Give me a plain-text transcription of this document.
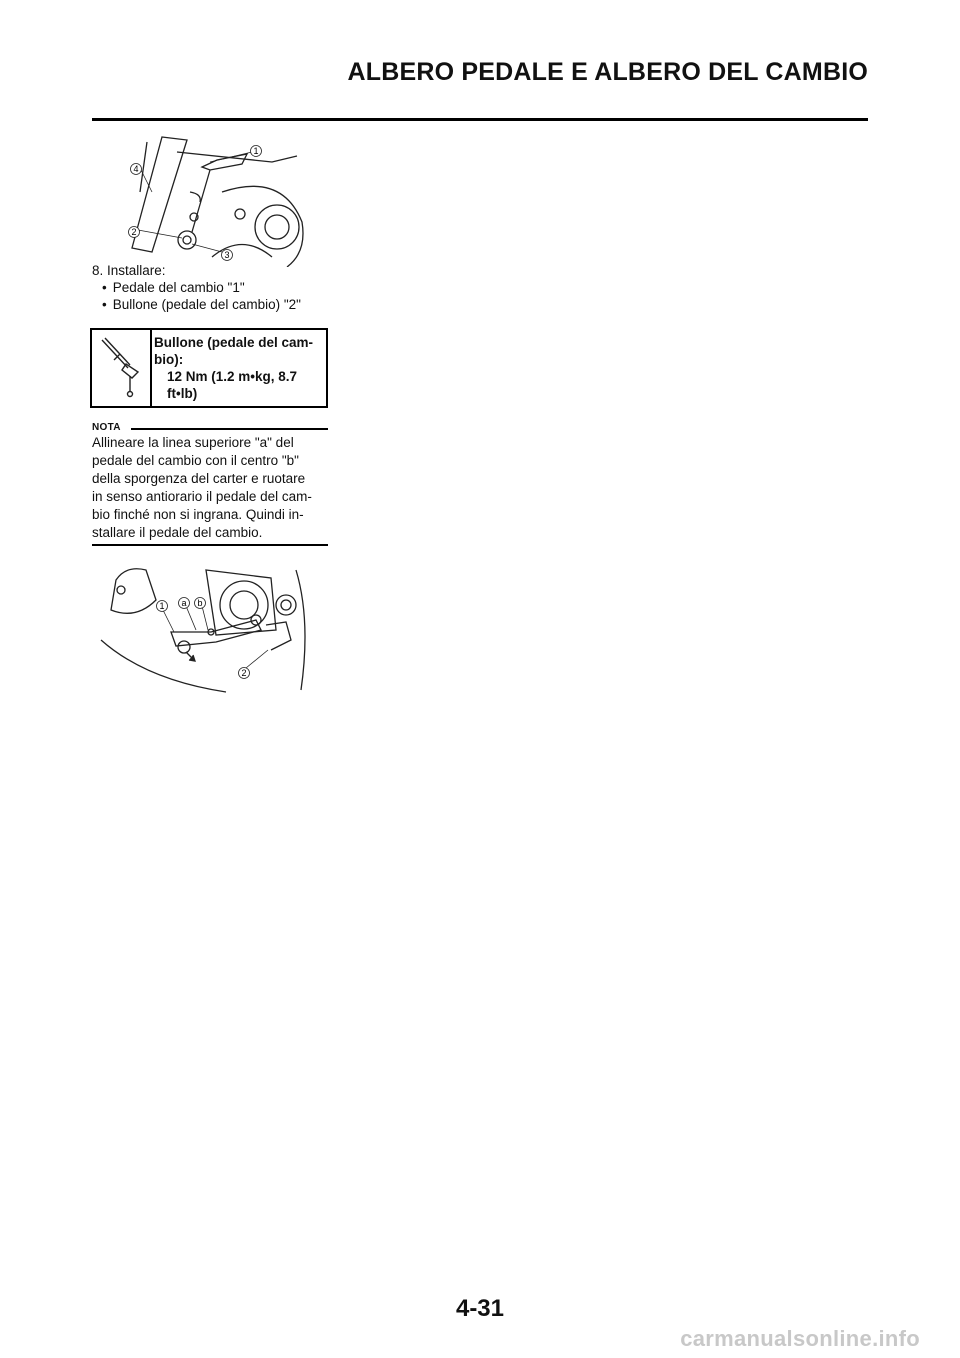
ALBERO PEDALE E ALBERO DEL CAMBIO
1
2
3
4
8. Installare:
• Pedale del cambio "1"
• Bullone (pedale del cambio) "2"
Bullone (pedale del cam-
bio):
12 Nm (1.2 m•kg, 8.7
ft•lb)
NOTA
Allineare la linea superiore "a" del
pedale del cambio con il centro "b"
della sporgenza del carter e ruotare
in senso antiorario il pedale del cam-
bio finché non si ingrana. Quindi in-
stallare il pedale del cambio.
1 a b
2
4-31
carmanualsonline.info
